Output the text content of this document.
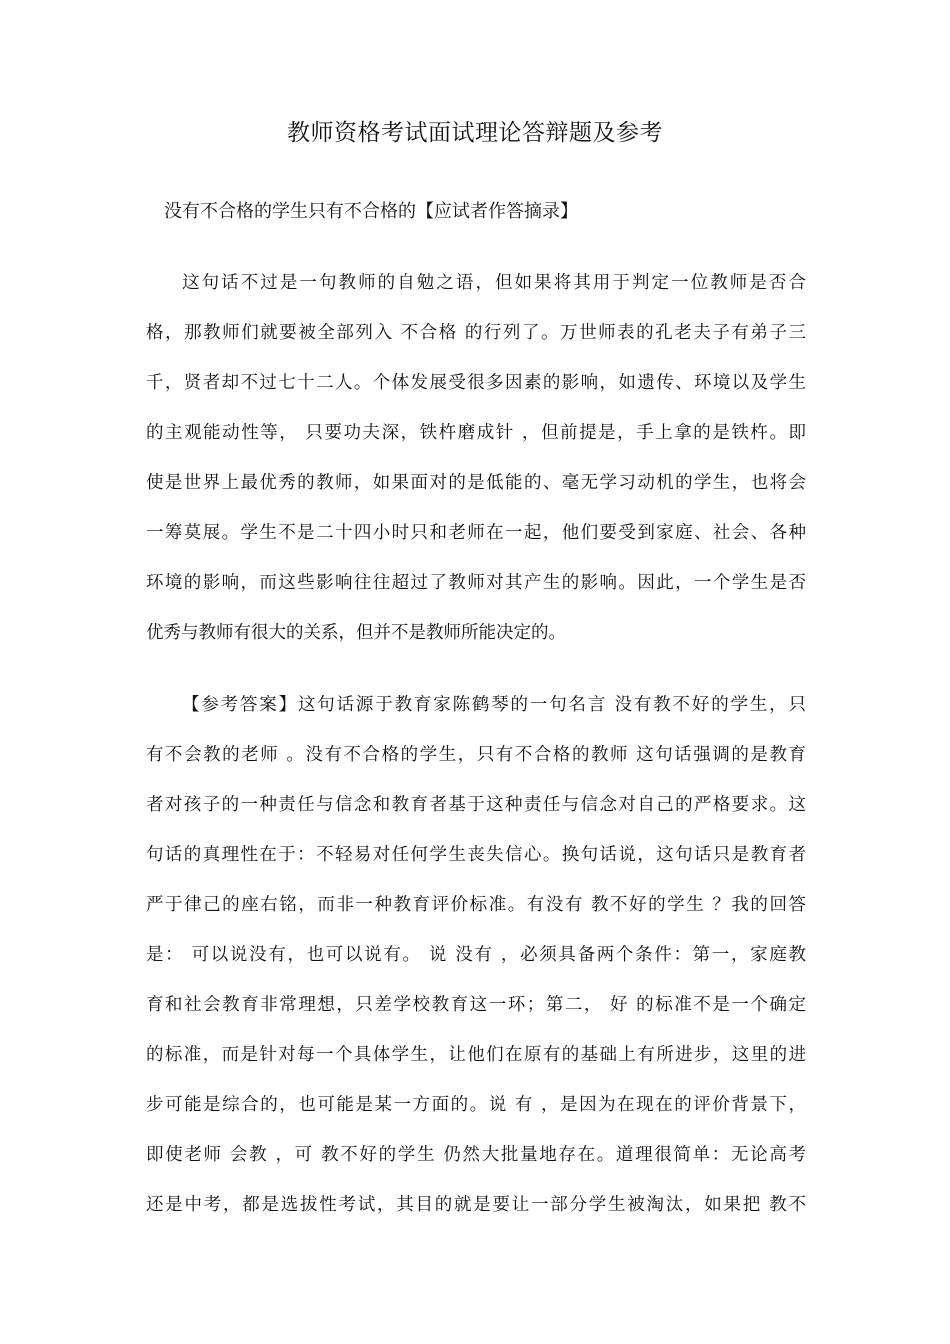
教师资格考试面试理论答辩题及参考

没有不合格的学生只有不合格的【应试者作答摘录】

这句话不过是一句教师的自勉之语，但如果将其用于判定一位教师是否合
格，那教师们就要被全部列入 不合格 的行列了。万世师表的孔老夫子有弟子三
千，贤者却不过七十二人。个体发展受很多因素的影响，如遗传、环境以及学生
的主观能动性等， 只要功夫深，铁杵磨成针 ，但前提是，手上拿的是铁杵。即
使是世界上最优秀的教师，如果面对的是低能的、毫无学习动机的学生，也将会
一筹莫展。学生不是二十四小时只和老师在一起，他们要受到家庭、社会、各种
环境的影响，而这些影响往往超过了教师对其产生的影响。因此，一个学生是否
优秀与教师有很大的关系，但并不是教师所能决定的。
【参考答案】这句话源于教育家陈鹤琴的一句名言 没有教不好的学生，只
有不会教的老师 。没有不合格的学生，只有不合格的教师 这句话强调的是教育
者对孩子的一种责任与信念和教育者基于这种责任与信念对自己的严格要求。这
句话的真理性在于：不轻易对任何学生丧失信心。换句话说，这句话只是教育者
严于律己的座右铭，而非一种教育评价标准。有没有 教不好的学生 ？我的回答
是： 可以说没有，也可以说有。 说 没有 ，必须具备两个条件：第一，家庭教
育和社会教育非常理想，只差学校教育这一环；第二， 好 的标准不是一个确定
的标准，而是针对每一个具体学生，让他们在原有的基础上有所进步，这里的进
步可能是综合的，也可能是某一方面的。说 有 ，是因为在现在的评价背景下，
即使老师 会教 ，可 教不好的学生 仍然大批量地存在。道理很简单：无论高考
还是中考，都是选拔性考试，其目的就是要让一部分学生被淘汰，如果把 教不
